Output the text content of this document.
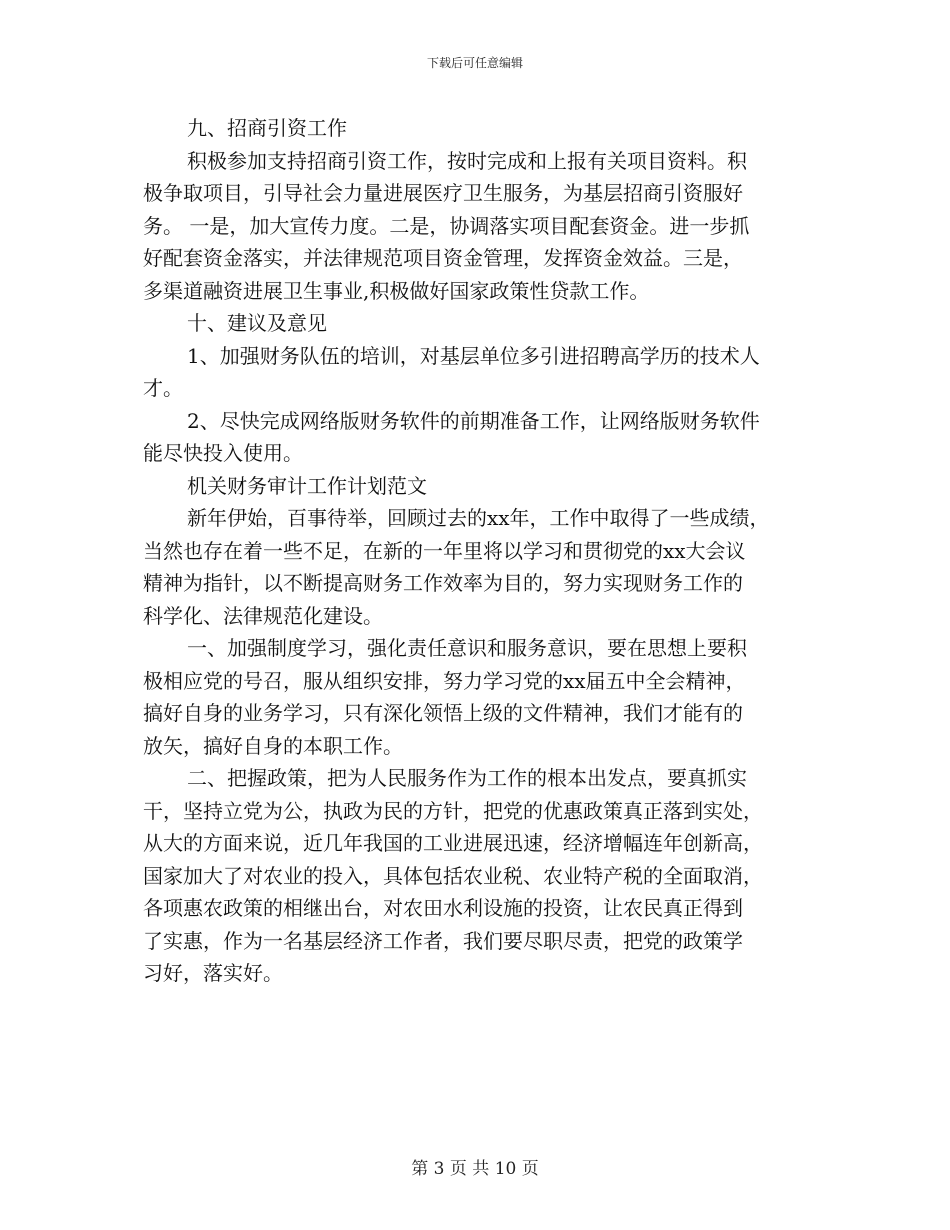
下载后可任意编辑
九、招商引资工作
积极参加支持招商引资工作，按时完成和上报有关项目资料。积
极争取项目，引导社会力量进展医疗卫生服务，为基层招商引资服好
务。 一是，加大宣传力度。二是，协调落实项目配套资金。进一步抓
好配套资金落实，并法律规范项目资金管理，发挥资金效益。三是，
多渠道融资进展卫生事业,积极做好国家政策性贷款工作。
十、建议及意见
1、加强财务队伍的培训，对基层单位多引进招聘高学历的技术人
才。
2、尽快完成网络版财务软件的前期准备工作，让网络版财务软件
能尽快投入使用。
机关财务审计工作计划范文
新年伊始，百事待举，回顾过去的xx年，工作中取得了一些成绩，
当然也存在着一些不足，在新的一年里将以学习和贯彻党的xx大会议
精神为指针，以不断提高财务工作效率为目的，努力实现财务工作的
科学化、法律规范化建设。
一、加强制度学习，强化责任意识和服务意识，要在思想上要积
极相应党的号召，服从组织安排，努力学习党的xx届五中全会精神，
搞好自身的业务学习，只有深化领悟上级的文件精神，我们才能有的
放矢，搞好自身的本职工作。
二、把握政策，把为人民服务作为工作的根本出发点，要真抓实
干，坚持立党为公，执政为民的方针，把党的优惠政策真正落到实处，
从大的方面来说，近几年我国的工业进展迅速，经济增幅连年创新高，
国家加大了对农业的投入，具体包括农业税、农业特产税的全面取消，
各项惠农政策的相继出台，对农田水利设施的投资，让农民真正得到
了实惠，作为一名基层经济工作者，我们要尽职尽责，把党的政策学
习好，落实好。
第 3 页 共 10 页
